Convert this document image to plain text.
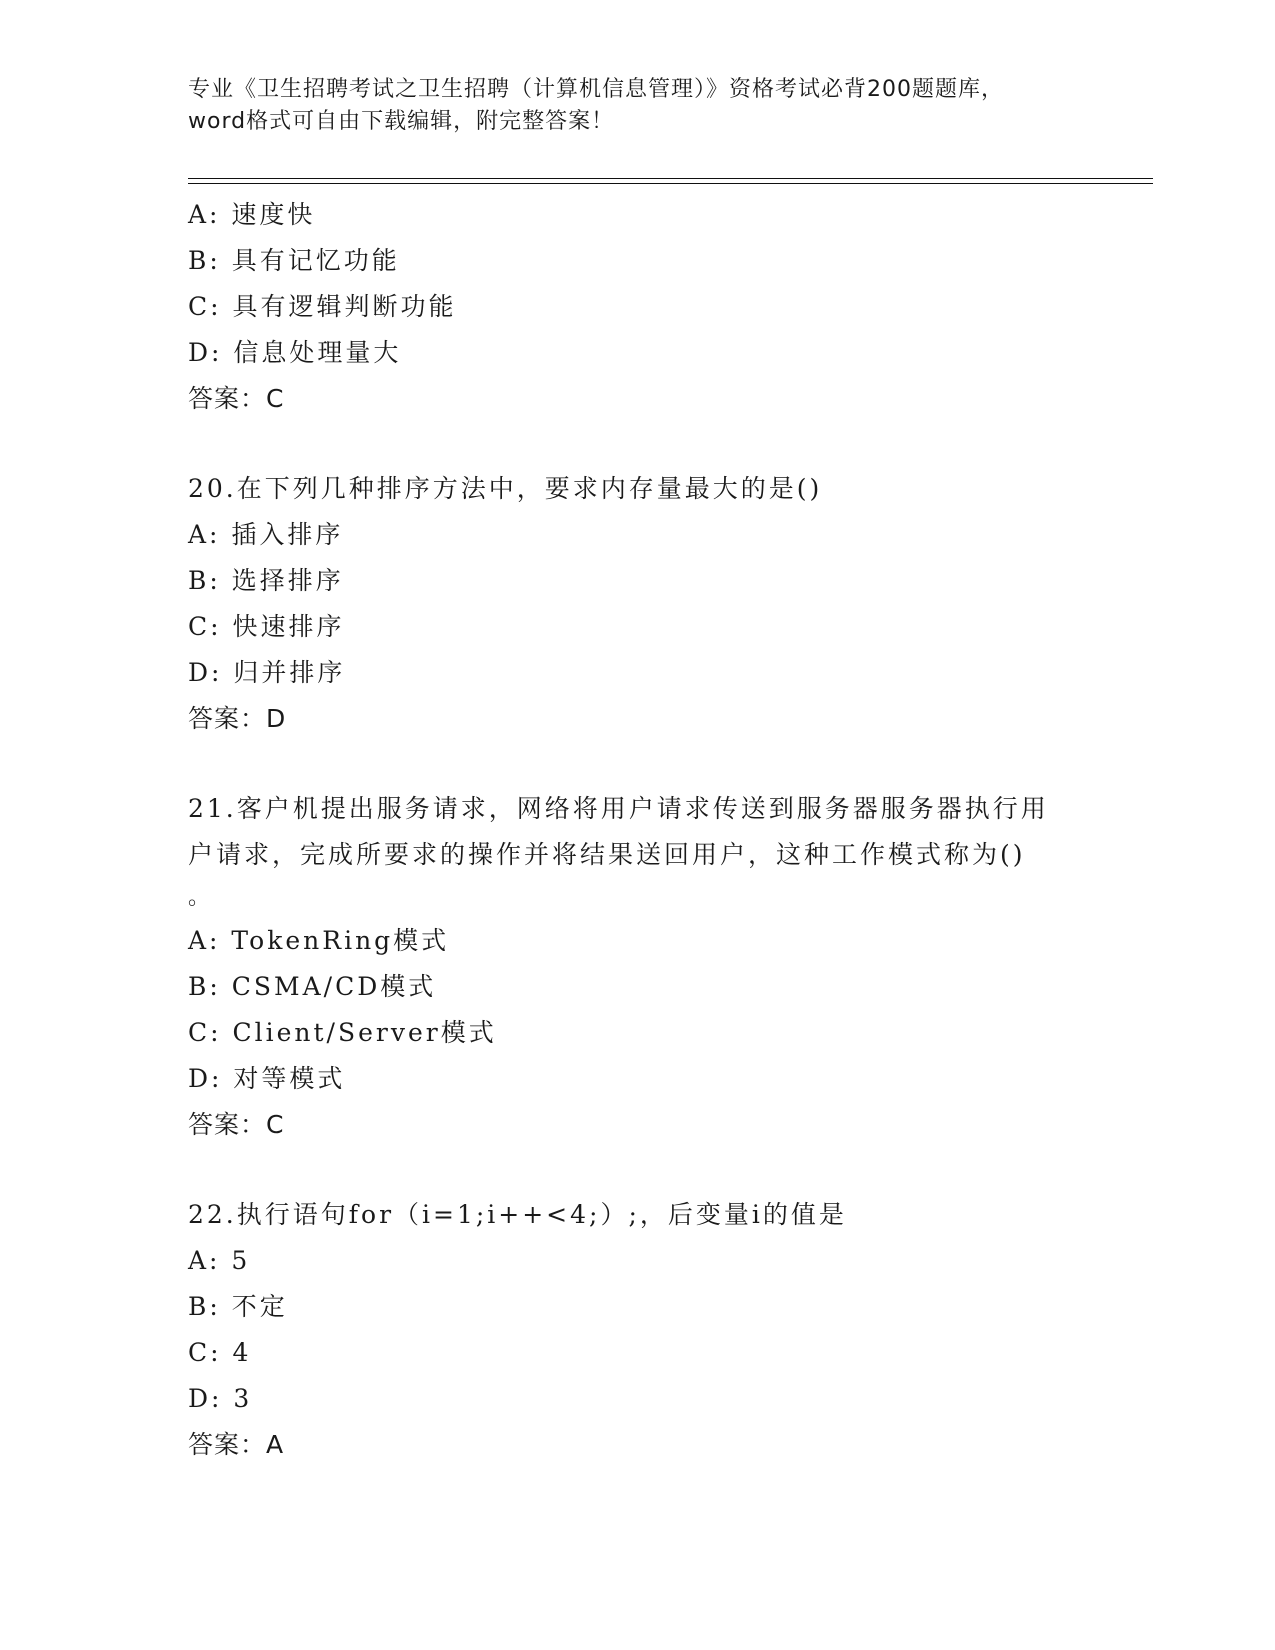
专业《卫生招聘考试之卫生招聘（计算机信息管理）》资格考试必背200题题库，
word格式可自由下载编辑，附完整答案！
A: 速度快
B: 具有记忆功能
C: 具有逻辑判断功能
D: 信息处理量大
答案：C
20.在下列几种排序方法中，要求内存量最大的是()
A: 插入排序
B: 选择排序
C: 快速排序
D: 归并排序
答案：D
21.客户机提出服务请求，网络将用户请求传送到服务器服务器执行用
户请求，完成所要求的操作并将结果送回用户，这种工作模式称为()
。
A: TokenRing模式
B: CSMA/CD模式
C: Client/Server模式
D: 对等模式
答案：C
22.执行语句for（i=1;i++<4;）;，后变量i的值是
A: 5
B: 不定
C: 4
D: 3
答案：A
